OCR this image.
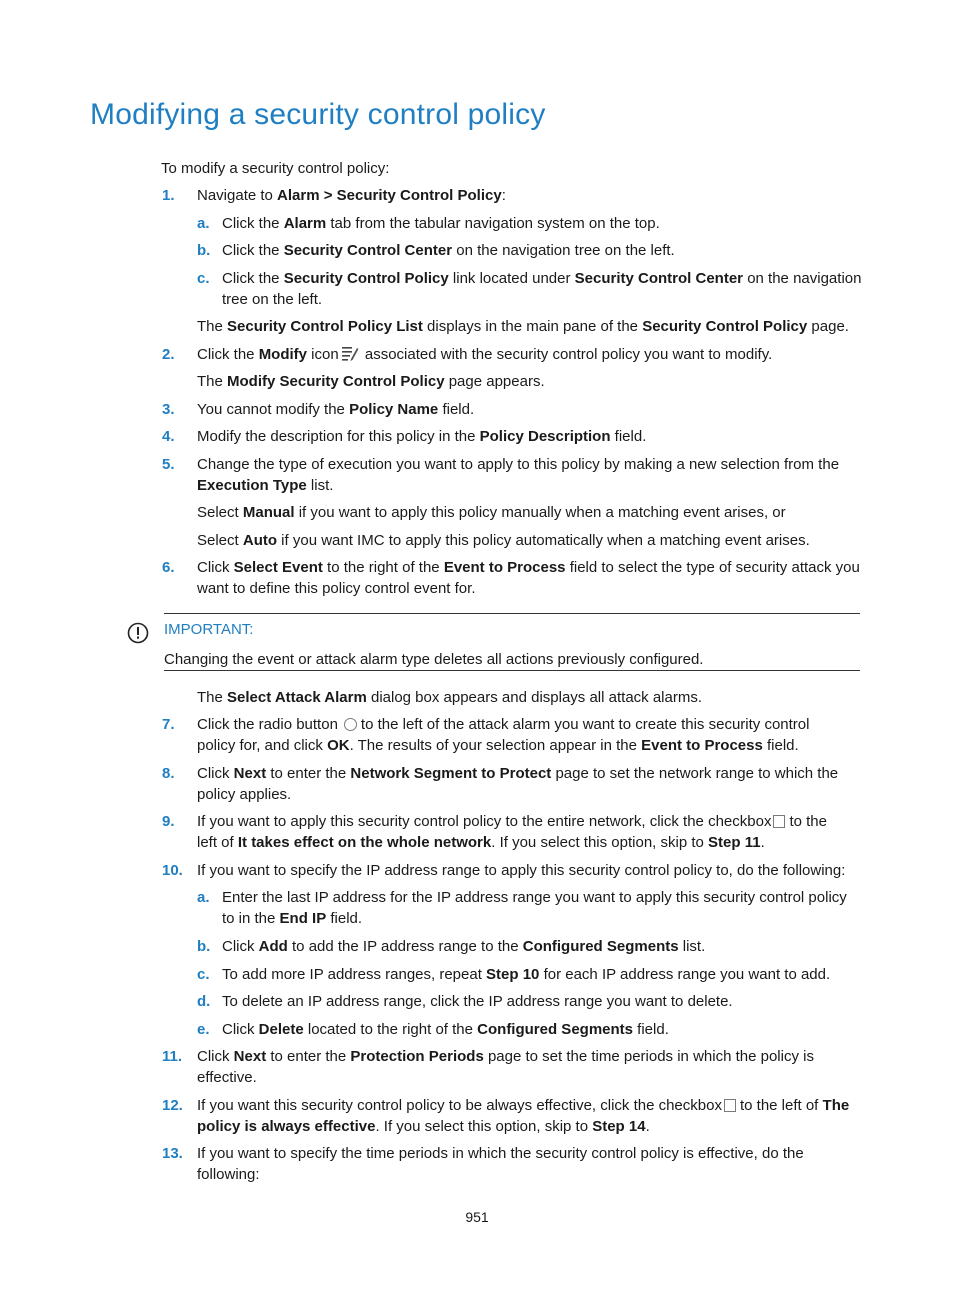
Modifying a security control policy
To modify a security control policy:
1. Navigate to Alarm > Security Control Policy:
a. Click the Alarm tab from the tabular navigation system on the top.
b. Click the Security Control Center on the navigation tree on the left.
c. Click the Security Control Policy link located under Security Control Center on the navigation
tree on the left.
The Security Control Policy List displays in the main pane of the Security Control Policy page.
2. Click the Modify icon associated with the security control policy you want to modify.
The Modify Security Control Policy page appears.
3. You cannot modify the Policy Name field.
4. Modify the description for this policy in the Policy Description field.
5. Change the type of execution you want to apply to this policy by making a new selection from the
Execution Type list.
Select Manual if you want to apply this policy manually when a matching event arises, or
Select Auto if you want IMC to apply this policy automatically when a matching event arises.
6. Click Select Event to the right of the Event to Process field to select the type of security attack you
want to define this policy control event for.
IMPORTANT:
Changing the event or attack alarm type deletes all actions previously configured.
The Select Attack Alarm dialog box appears and displays all attack alarms.
7. Click the radio button to the left of the attack alarm you want to create this security control
policy for, and click OK. The results of your selection appear in the Event to Process field.
8. Click Next to enter the Network Segment to Protect page to set the network range to which the
policy applies.
9. If you want to apply this security control policy to the entire network, click the checkbox to the
left of It takes effect on the whole network. If you select this option, skip to Step 11.
10. If you want to specify the IP address range to apply this security control policy to, do the following:
a. Enter the last IP address for the IP address range you want to apply this security control policy
to in the End IP field.
b. Click Add to add the IP address range to the Configured Segments list.
c. To add more IP address ranges, repeat Step 10 for each IP address range you want to add.
d. To delete an IP address range, click the IP address range you want to delete.
e. Click Delete located to the right of the Configured Segments field.
11. Click Next to enter the Protection Periods page to set the time periods in which the policy is
effective.
12. If you want this security control policy to be always effective, click the checkbox to the left of The
policy is always effective. If you select this option, skip to Step 14.
13. If you want to specify the time periods in which the security control policy is effective, do the
following:
951
